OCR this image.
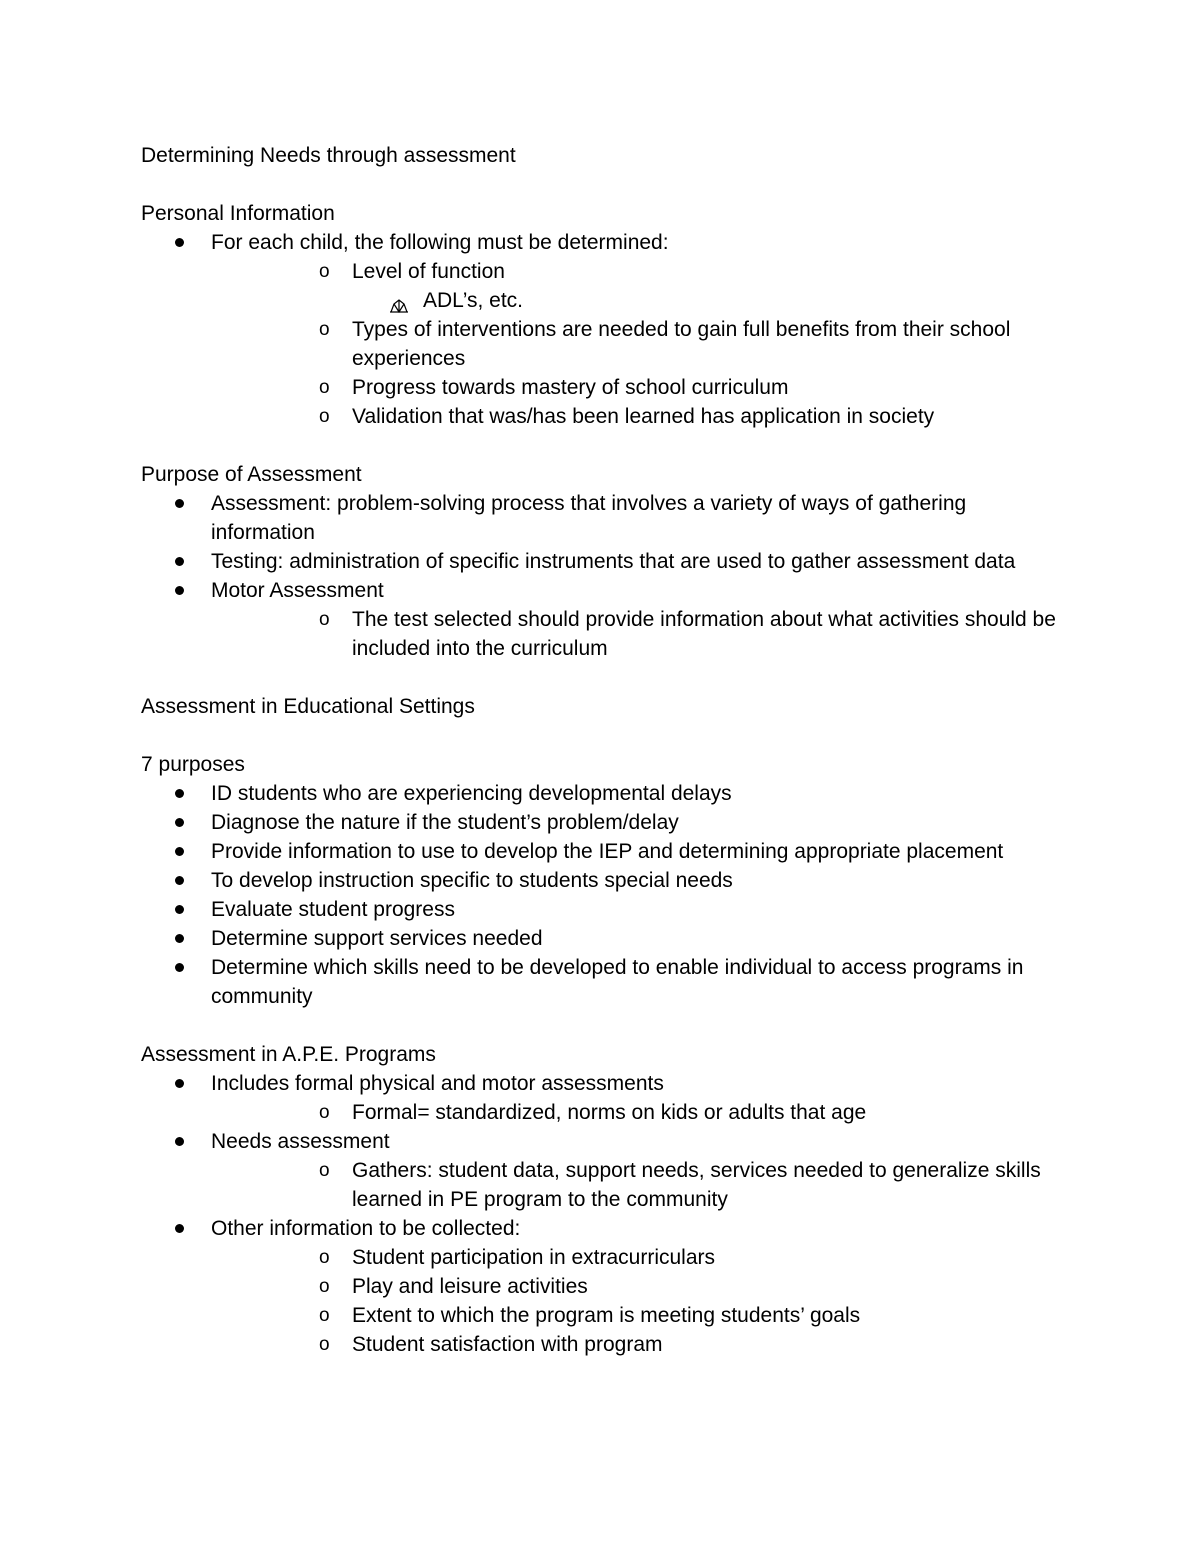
Determining Needs through assessment

Personal Information

For each child, the following must be determined:
o Level of function
ADL’s, etc.
o Types of interventions are needed to gain full benefits from their school experiences
o Progress towards mastery of school curriculum
o Validation that was/has been learned has application in society

Purpose of Assessment

Assessment: problem-solving process that involves a variety of ways of gathering information
Testing: administration of specific instruments that are used to gather assessment data
Motor Assessment
o The test selected should provide information about what activities should be included into the curriculum

Assessment in Educational Settings

7 purposes

ID students who are experiencing developmental delays
Diagnose the nature if the student’s problem/delay
Provide information to use to develop the IEP and determining appropriate placement
To develop instruction specific to students special needs
Evaluate student progress
Determine support services needed
Determine which skills need to be developed to enable individual to access programs in community

Assessment in A.P.E. Programs

Includes formal physical and motor assessments
o Formal= standardized, norms on kids or adults that age
Needs assessment
o Gathers: student data, support needs, services needed to generalize skills learned in PE program to the community
Other information to be collected:
o Student participation in extracurriculars
o Play and leisure activities
o Extent to which the program is meeting students’ goals
o Student satisfaction with program
